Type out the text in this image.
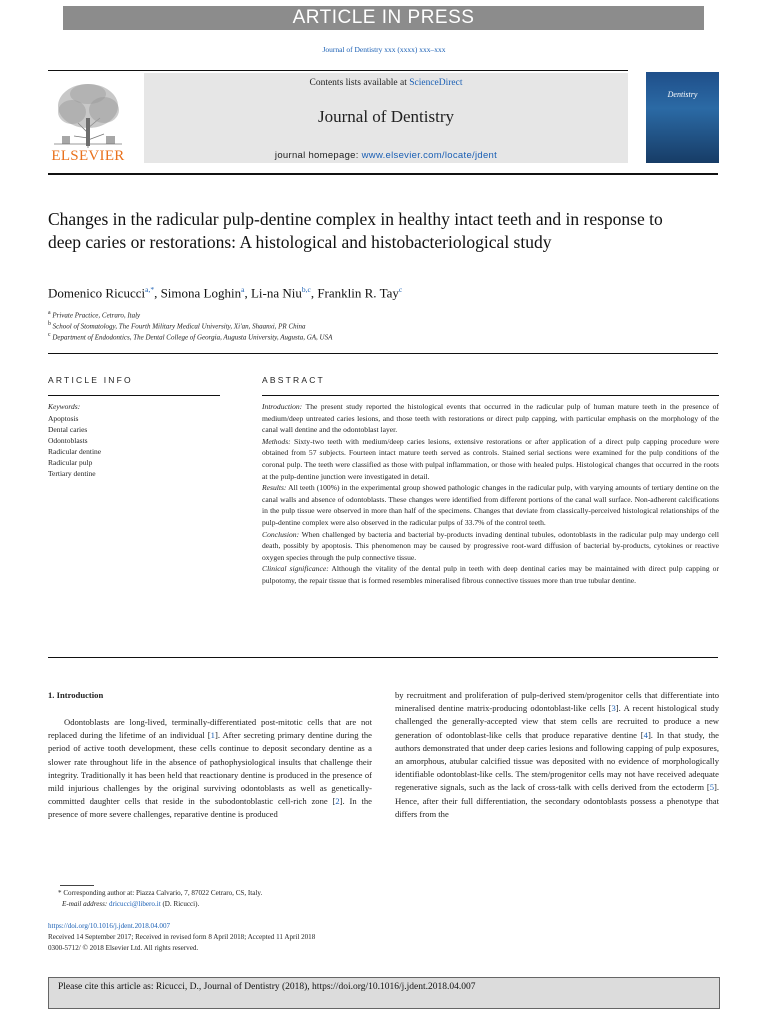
ARTICLE IN PRESS
Journal of Dentistry xxx (xxxx) xxx–xxx
ELSEVIER
Contents lists available at ScienceDirect
Journal of Dentistry
journal homepage: www.elsevier.com/locate/jdent
Dentistry
Changes in the radicular pulp-dentine complex in healthy intact teeth and in response to deep caries or restorations: A histological and histobacteriological study
Domenico Ricucci$^{a,*}$, Simona Loghin$^a$, Li-na Niu$^{b,c}$, Franklin R. Tay$^c$
$^a$ Private Practice, Cetraro, Italy
$^b$ School of Stomatology, The Fourth Military Medical University, Xi'an, Shaanxi, PR China
$^c$ Department of Endodontics, The Dental College of Georgia, Augusta University, Augusta, GA, USA
ARTICLE INFO
Keywords:
Apoptosis
Dental caries
Odontoblasts
Radicular dentine
Radicular pulp
Tertiary dentine
ABSTRACT

Introduction: The present study reported the histological events that occurred in the radicular pulp of human mature teeth in the presence of medium/deep untreated caries lesions, and those teeth with restorations or direct pulp capping, with particular emphasis on the morphology of the canal wall dentine and the odontoblast layer.

Methods: Sixty-two teeth with medium/deep caries lesions, extensive restorations or after application of a direct pulp capping procedure were obtained from 57 subjects. Fourteen intact mature teeth served as controls. Stained serial sections were examined for the pulp conditions of the coronal pulp. The teeth were classified as those with pulpal inflammation, or those with healed pulps. Histological changes that occurred in the roots at the pulp-dentine junction were investigated in detail.

Results: All teeth (100%) in the experimental group showed pathologic changes in the radicular pulp, with varying amounts of tertiary dentine on the canal walls and absence of odontoblasts. These changes were identified from different portions of the canal wall surface. Non-adherent calcifications in the pulp tissue were observed in more than half of the specimens. Changes that deviate from classically-perceived histological relationships of the pulp-dentine complex were also observed in the radicular pulps of 33.7% of the control teeth.

Conclusion: When challenged by bacteria and bacterial by-products invading dentinal tubules, odontoblasts in the radicular pulp may undergo cell death, possibly by apoptosis. This phenomenon may be caused by progressive root-ward diffusion of bacterial by-products, cytokines or reactive oxygen species through the pulp connective tissue.

Clinical significance: Although the vitality of the dental pulp in teeth with deep dentinal caries may be maintained with direct pulp capping or pulpotomy, the repair tissue that is formed resembles mineralised fibrous connective tissues more than true tubular dentine.

1. Introduction

Odontoblasts are long-lived, terminally-differentiated post-mitotic cells that are not replaced during the lifetime of an individual [1]. After secreting primary dentine during the period of active tooth development, these cells continue to deposit secondary dentine as a slower rate throughout life in the absence of pathophysiological insults that challenge their integrity. Traditionally it has been held that reactionary dentine is produced in the presence of mild injurious challenges by the original surviving odontoblasts as well as genetically-committed daughter cells that reside in the subodontoblastic cell-rich zone [2]. In the presence of more severe challenges, reparative dentine is produced

by recruitment and proliferation of pulp-derived stem/progenitor cells that differentiate into mineralised dentine matrix-producing odontoblast-like cells [3]. A recent histological study challenged the generally-accepted view that stem cells are recruited to produce a new generation of odontoblast-like cells that produce reparative dentine [4]. In that study, the authors demonstrated that under deep caries lesions and following capping of pulp exposures, an amorphous, atubular calcified tissue was deposited with no evidence of morphologically identifiable odontoblast-like cells. The stem/progenitor cells may not have received adequate regenerative signals, such as the lack of cross-talk with cells derived from the ectoderm [5]. Hence, after their full differentiation, the secondary odontoblasts possess a phenotype that differs from the

* Corresponding author at: Piazza Calvario, 7, 87022 Cetraro, CS, Italy.
E-mail address: dricucci@libero.it (D. Ricucci).
https://doi.org/10.1016/j.jdent.2018.04.007
Received 14 September 2017; Received in revised form 8 April 2018; Accepted 11 April 2018
0300-5712/ © 2018 Elsevier Ltd. All rights reserved.
Please cite this article as: Ricucci, D., Journal of Dentistry (2018), https://doi.org/10.1016/j.jdent.2018.04.007
